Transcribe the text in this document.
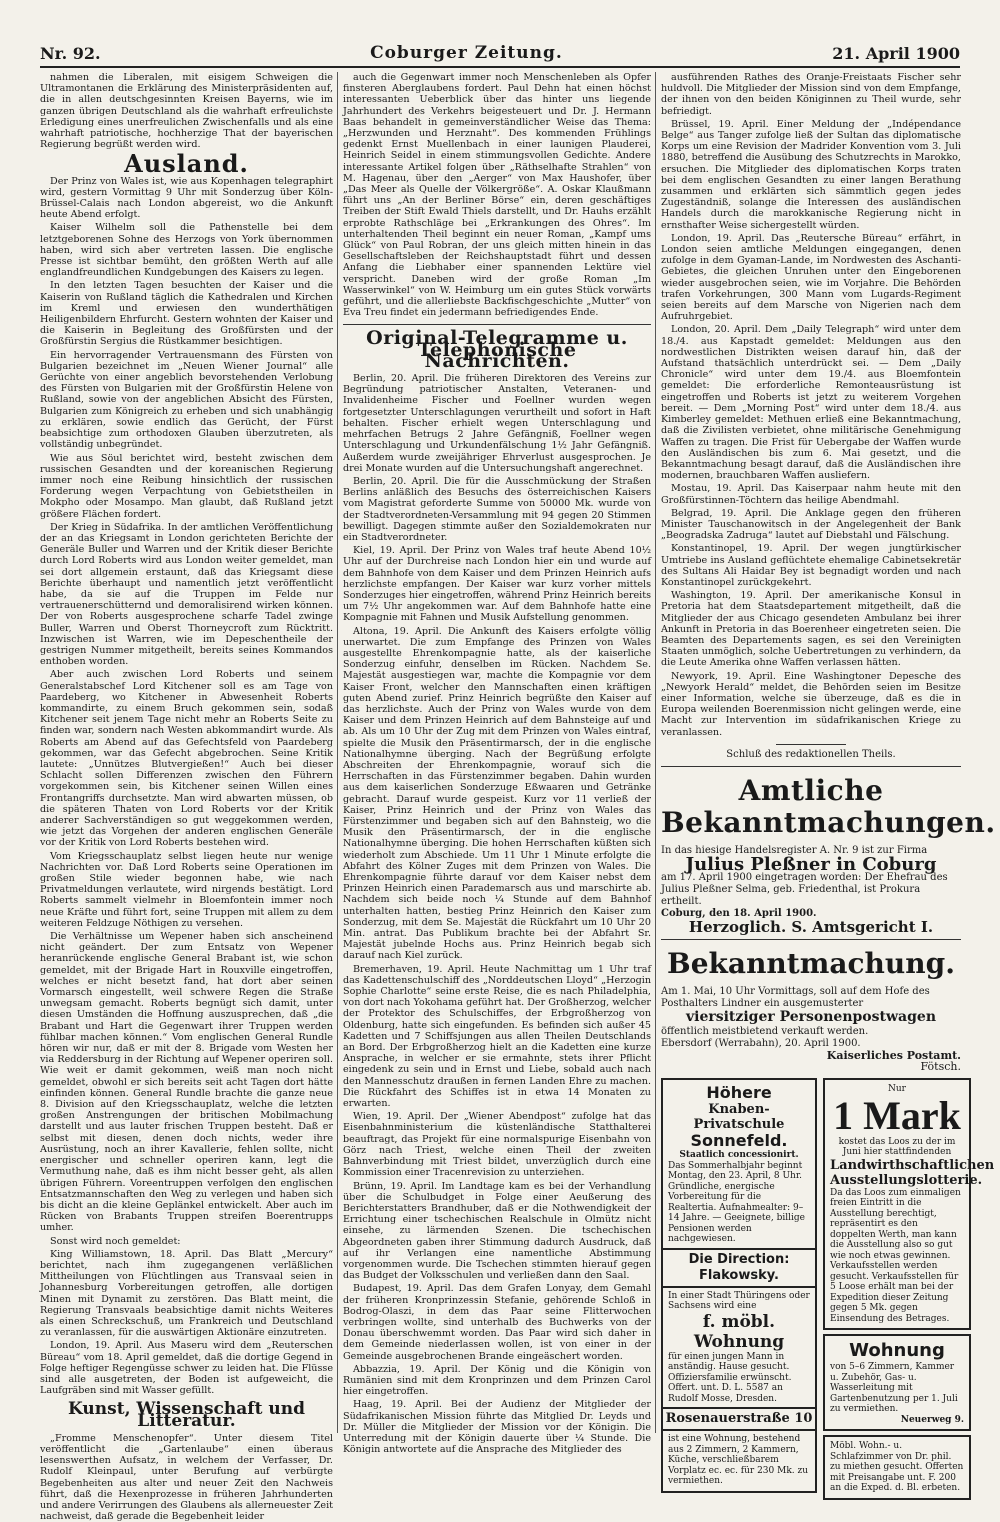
Nr. 92.	Coburger Zeitung.	21. April 1900

nahmen die Liberalen, mit eisigem Schweigen die Ultramontanen die Erklärung des Ministerpräsidenten auf, die in allen deutschgesinnten Kreisen Bayerns, wie im ganzen übrigen Deutschland als die wahrhaft erfreulichste Erledigung eines unerfreulichen Zwischenfalls und als eine wahrhaft patriotische, hochherzige That der bayerischen Regierung begrüßt werden wird.

Ausland.

Der Prinz von Wales ist, wie aus Kopenhagen telegraphirt wird, gestern Vormittag 9 Uhr mit Sonderzug über Köln-Brüssel-Calais nach London abgereist, wo die Ankunft heute Abend erfolgt.

Kaiser Wilhelm soll die Pathenstelle bei dem letztgeborenen Sohne des Herzogs von York übernommen haben, wird sich aber vertreten lassen. Die englische Presse ist sichtbar bemüht, den größten Werth auf alle englandfreundlichen Kundgebungen des Kaisers zu legen.

In den letzten Tagen besuchten der Kaiser und die Kaiserin von Rußland täglich die Kathedralen und Kirchen im Kreml und erwiesen den wunderthätigen Heiligenbildern Ehrfurcht. Gestern wohnten der Kaiser und die Kaiserin in Begleitung des Großfürsten und der Großfürstin Sergius die Rüstkammer besichtigen.

Ein hervorragender Vertrauensmann des Fürsten von Bulgarien bezeichnet im „Neuen Wiener Journal“ alle Gerüchte von einer angeblich bevorstehenden Verlobung des Fürsten von Bulgarien mit der Großfürstin Helene von Rußland, sowie von der angeblichen Absicht des Fürsten, Bulgarien zum Königreich zu erheben und sich unabhängig zu erklären, sowie endlich das Gerücht, der Fürst beabsichtige zum orthodoxen Glauben überzutreten, als vollständig unbegründet.

Wie aus Söul berichtet wird, besteht zwischen dem russischen Gesandten und der koreanischen Regierung immer noch eine Reibung hinsichtlich der russischen Forderung wegen Verpachtung von Gebietstheilen in Mokpho oder Mosampo. Man glaubt, daß Rußland jetzt größere Flächen fordert.

Der Krieg in Südafrika. In der amtlichen Veröffentlichung der an das Kriegsamt in London gerichteten Berichte der Generäle Buller und Warren und der Kritik dieser Berichte durch Lord Roberts wird aus London weiter gemeldet, man sei dort allgemein erstaunt, daß das Kriegsamt diese Berichte überhaupt und namentlich jetzt veröffentlicht habe, da sie auf die Truppen im Felde nur vertrauenerschütternd und demoralisirend wirken können. Der von Roberts ausgesprochene scharfe Tadel zwinge Buller, Warren und Oberst Thorneycroft zum Rücktritt. Inzwischen ist Warren, wie im Depeschentheile der gestrigen Nummer mitgetheilt, bereits seines Kommandos enthoben worden.

Aber auch zwischen Lord Roberts und seinem Generalstabschef Lord Kitchener soll es am Tage von Paardeberg, wo Kitchener in Abwesenheit Roberts kommandirte, zu einem Bruch gekommen sein, sodaß Kitchener seit jenem Tage nicht mehr an Roberts Seite zu finden war, sondern nach Westen abkommandirt wurde. Als Roberts am Abend auf das Gefechtsfeld von Paardeberg gekommen, war das Gefecht abgebrochen. Seine Kritik lautete: „Unnützes Blutvergießen!“ Auch bei dieser Schlacht sollen Differenzen zwischen den Führern vorgekommen sein, bis Kitchener seinen Willen eines Frontangriffs durchsetzte. Man wird abwarten müssen, ob die späteren Thaten von Lord Roberts vor der Kritik anderer Sachverständigen so gut weggekommen werden, wie jetzt das Vorgehen der anderen englischen Generäle vor der Kritik von Lord Roberts bestehen wird.

Vom Kriegsschauplatz selbst liegen heute nur wenige Nachrichten vor. Daß Lord Roberts seine Operationen im großen Stile wieder begonnen habe, wie nach Privatmeldungen verlautete, wird nirgends bestätigt. Lord Roberts sammelt vielmehr in Bloemfontein immer noch neue Kräfte und führt fort, seine Truppen mit allem zu dem weiteren Feldzuge Nöthigen zu versehen.

Die Verhältnisse um Wepener haben sich anscheinend nicht geändert. Der zum Entsatz von Wepener heranrückende englische General Brabant ist, wie schon gemeldet, mit der Brigade Hart in Rouxville eingetroffen, welches er nicht besetzt fand, hat dort aber seinen Vormarsch eingestellt, weil schwere Regen die Straße unwegsam gemacht. Roberts begnügt sich damit, unter diesen Umständen die Hoffnung auszusprechen, daß „die Brabant und Hart die Gegenwart ihrer Truppen werden fühlbar machen können.“ Vom englischen General Rundle hören wir nur, daß er mit der 8. Brigade vom Westen her via Reddersburg in der Richtung auf Wepener operiren soll. Wie weit er damit gekommen, weiß man noch nicht gemeldet, obwohl er sich bereits seit acht Tagen dort hätte einfinden können. General Rundle brachte die ganze neue 8. Division auf den Kriegsschauplatz, welche die letzten großen Anstrengungen der britischen Mobilmachung darstellt und aus lauter frischen Truppen besteht. Daß er selbst mit diesen, denen doch nichts, weder ihre Ausrüstung, noch an ihrer Kavallerie, fehlen sollte, nicht energischer und schneller operiren kann, legt die Vermuthung nahe, daß es ihm nicht besser geht, als allen übrigen Führern. Voreentruppen verfolgen den englischen Entsatzmannschaften den Weg zu verlegen und haben sich bis dicht an die kleine Geplänkel entwickelt. Aber auch im Rücken von Brabants Truppen streifen Boerentrupps umher.

Sonst wird noch gemeldet:

King Williamstown, 18. April. Das Blatt „Mercury“ berichtet, nach ihm zugegangenen verläßlichen Mittheilungen von Flüchtlingen aus Transvaal seien in Johannesburg Vorbereitungen getroffen, alle dortigen Minen mit Dynamit zu zerstören. Das Blatt meint, die Regierung Transvaals beabsichtige damit nichts Weiteres als einen Schreckschuß, um Frankreich und Deutschland zu veranlassen, für die auswärtigen Aktionäre einzutreten.

London, 19. April. Aus Maseru wird dem „Reuterschen Büreau“ vom 18. April gemeldet, daß die dortige Gegend in Folge heftiger Regengüsse schwer zu leiden hat. Die Flüsse sind alle ausgetreten, der Boden ist aufgeweicht, die Laufgräben sind mit Wasser gefüllt.

Kunst, Wissenschaft und Litteratur.

„Fromme Menschenopfer“. Unter diesem Titel veröffentlicht die „Gartenlaube“ einen überaus lesenswerthen Aufsatz, in welchem der Verfasser, Dr. Rudolf Kleinpaul, unter Berufung auf verbürgte Begebenheiten aus alter und neuer Zeit den Nachweis führt, daß die Hexenprozesse in früheren Jahrhunderten und andere Verirrungen des Glaubens als allerneuester Zeit nachweist, daß gerade die Begebenheit leider

auch die Gegenwart immer noch Menschenleben als Opfer finsteren Aberglaubens fordert. Paul Dehn hat einen höchst interessanten Ueberblick über das hinter uns liegende Jahrhundert des Verkehrs beigesteuert und Dr. J. Hermann Baas behandelt in gemeinverständlicher Weise das Thema: „Herzwunden und Herznaht“. Des kommenden Frühlings gedenkt Ernst Muellenbach in einer launigen Plauderei, Heinrich Seidel in einem stimmungsvollen Gedichte. Andere interessante Artikel folgen über „Räthselhafte Strahlen“ von M. Hagenau, über den „Aerger“ von Max Haushofer, über „Das Meer als Quelle der Völkergröße“. A. Oskar Klaußmann führt uns „An der Berliner Börse“ ein, deren geschäftiges Treiben der Stift Ewald Thiels darstellt, und Dr. Hauhs erzählt erprobte Rathschläge bei „Erkrankungen des Ohres“. Im unterhaltenden Theil beginnt ein neuer Roman, „Kampf ums Glück“ von Paul Robran, der uns gleich mitten hinein in das Gesellschaftsleben der Reichshauptstadt führt und dessen Anfang die Liebhaber einer spannenden Lektüre viel verspricht. Daneben wird der große Roman „Im Wasserwinkel“ von W. Heimburg um ein gutes Stück vorwärts geführt, und die allerliebste Backfischgeschichte „Mutter“ von Eva Treu findet ein jedermann befriedigendes Ende.

Original-Telegramme u. Telephonische Nachrichten.

Berlin, 20. April. Die früheren Direktoren des Vereins zur Begründung patriotischer Anstalten, Veteranen- und Invalidenheime Fischer und Foellner wurden wegen fortgesetzter Unterschlagungen verurtheilt und sofort in Haft behalten. Fischer erhielt wegen Unterschlagung und mehrfachen Betrugs 2 Jahre Gefängniß, Foellner wegen Unterschlagung und Urkundenfälschung 1½ Jahr Gefängniß. Außerdem wurde zweijähriger Ehrverlust ausgesprochen. Je drei Monate wurden auf die Untersuchungshaft angerechnet.

Berlin, 20. April. Die für die Ausschmückung der Straßen Berlins anläßlich des Besuchs des österreichischen Kaisers vom Magistrat geforderte Summe von 50000 Mk. wurde von der Stadtverordneten-Versammlung mit 94 gegen 20 Stimmen bewilligt. Dagegen stimmte außer den Sozialdemokraten nur ein Stadtverordneter.

Kiel, 19. April. Der Prinz von Wales traf heute Abend 10½ Uhr auf der Durchreise nach London hier ein und wurde auf dem Bahnhofe von dem Kaiser und dem Prinzen Heinrich aufs herzlichste empfangen. Der Kaiser war kurz vorher mittels Sonderzuges hier eingetroffen, während Prinz Heinrich bereits um 7½ Uhr angekommen war. Auf dem Bahnhofe hatte eine Kompagnie mit Fahnen und Musik Aufstellung genommen.

Altona, 19. April. Die Ankunft des Kaisers erfolgte völlig unerwartet. Die zum Empfange des Prinzen von Wales ausgestellte Ehrenkompagnie hatte, als der kaiserliche Sonderzug einfuhr, denselben im Rücken. Nachdem Se. Majestät ausgestiegen war, machte die Kompagnie vor dem Kaiser Front, welcher den Mannschaften einen kräftigen guten Abend zurief. Prinz Heinrich begrüßte den Kaiser auf das herzlichste. Auch der Prinz von Wales wurde von dem Kaiser und dem Prinzen Heinrich auf dem Bahnsteige auf und ab. Als um 10 Uhr der Zug mit dem Prinzen von Wales eintraf, spielte die Musik den Präsentirmarsch, der in die englische Nationalhymne überging. Nach der Begrüßung erfolgte Abschreiten der Ehrenkompagnie, worauf sich die Herrschaften in das Fürstenzimmer begaben. Dahin wurden aus dem kaiserlichen Sonderzuge Eßwaaren und Getränke gebracht. Darauf wurde gespeist. Kurz vor 11 verließ der Kaiser, Prinz Heinrich und der Prinz von Wales das Fürstenzimmer und begaben sich auf den Bahnsteig, wo die Musik den Präsentirmarsch, der in die englische Nationalhymne überging. Die hohen Herrschaften küßten sich wiederholt zum Abschiede. Um 11 Uhr 1 Minute erfolgte die Abfahrt des Kölner Zuges mit dem Prinzen von Wales. Die Ehrenkompagnie führte darauf vor dem Kaiser nebst dem Prinzen Heinrich einen Parademarsch aus und marschirte ab. Nachdem sich beide noch ¼ Stunde auf dem Bahnhof unterhalten hatten, bestieg Prinz Heinrich den Kaiser zum Sonderzug, mit dem Se. Majestät die Rückfahrt um 10 Uhr 20 Min. antrat. Das Publikum brachte bei der Abfahrt Sr. Majestät jubelnde Hochs aus. Prinz Heinrich begab sich darauf nach Kiel zurück.

Bremerhaven, 19. April. Heute Nachmittag um 1 Uhr traf das Kadettenschulschiff des „Norddeutschen Lloyd“ „Herzogin Sophie Charlotte“ seine erste Reise, die es nach Philadelphia, von dort nach Yokohama geführt hat. Der Großherzog, welcher der Protektor des Schulschiffes, der Erbgroßherzog von Oldenburg, hatte sich eingefunden. Es befinden sich außer 45 Kadetten und 7 Schiffsjungen aus allen Theilen Deutschlands an Bord. Der Erbgroßherzog hielt an die Kadetten eine kurze Ansprache, in welcher er sie ermahnte, stets ihrer Pflicht eingedenk zu sein und in Ernst und Liebe, sobald auch nach den Mannesschutz draußen in fernen Landen Ehre zu machen. Die Rückfahrt des Schiffes ist in etwa 14 Monaten zu erwarten.

Wien, 19. April. Der „Wiener Abendpost“ zufolge hat das Eisenbahnministerium die küstenländische Statthalterei beauftragt, das Projekt für eine normalspurige Eisenbahn von Görz nach Triest, welche einen Theil der zweiten Bahnverbindung mit Triest bildet, unverzüglich durch eine Kommission einer Tracenrevision zu unterziehen.

Brünn, 19. April. Im Landtage kam es bei der Verhandlung über die Schulbudget in Folge einer Aeußerung des Berichterstatters Brandhuber, daß er die Nothwendigkeit der Errichtung einer tschechischen Realschule in Olmütz nicht einsehe, zu lärmenden Szenen. Die tschechischen Abgeordneten gaben ihrer Stimmung dadurch Ausdruck, daß auf ihr Verlangen eine namentliche Abstimmung vorgenommen wurde. Die Tschechen stimmten hierauf gegen das Budget der Volksschulen und verließen dann den Saal.

Budapest, 19. April. Das dem Grafen Lonyay, dem Gemahl der früheren Kronprinzessin Stefanie, gehörende Schloß in Bodrog-Olaszi, in dem das Paar seine Flitterwochen verbringen wollte, sind unterhalb des Buchwerks von der Donau überschwemmt worden. Das Paar wird sich daher in dem Gemeinde niederlassen wollen, ist von einer in der Gemeinde ausgebrochenen Brande eingeäschert worden.

Abbazzia, 19. April. Der König und die Königin von Rumänien sind mit dem Kronprinzen und dem Prinzen Carol hier eingetroffen.

Haag, 19. April. Bei der Audienz der Mitglieder der Südafrikanischen Mission führte das Mitglied Dr. Leyds und Dr. Müller die Mitglieder der Mission vor der Königin. Die Unterredung mit der Königin dauerte über ¼ Stunde. Die Königin antwortete auf die Ansprache des Mitglieder des

ausführenden Rathes des Oranje-Freistaats Fischer sehr huldvoll. Die Mitglieder der Mission sind von dem Empfange, der ihnen von den beiden Königinnen zu Theil wurde, sehr befriedigt.

Brüssel, 19. April. Einer Meldung der „Indépendance Belge“ aus Tanger zufolge ließ der Sultan das diplomatische Korps um eine Revision der Madrider Konvention vom 3. Juli 1880, betreffend die Ausübung des Schutzrechts in Marokko, ersuchen. Die Mitglieder des diplomatischen Korps traten bei dem englischen Gesandten zu einer langen Berathung zusammen und erklärten sich sämmtlich gegen jedes Zugeständniß, solange die Interessen des ausländischen Handels durch die marokkanische Regierung nicht in ernsthafter Weise sichergestellt würden.

London, 19. April. Das „Reutersche Büreau“ erfährt, in London seien amtliche Meldungen eingegangen, denen zufolge in dem Gyaman-Lande, im Nordwesten des Aschanti-Gebietes, die gleichen Unruhen unter den Eingeborenen wieder ausgebrochen seien, wie im Vorjahre. Die Behörden trafen Vorkehrungen, 300 Mann vom Lugards-Regiment seien bereits auf dem Marsche von Nigerien nach dem Aufruhrgebiet.

London, 20. April. Dem „Daily Telegraph“ wird unter dem 18./4. aus Kapstadt gemeldet: Meldungen aus den nordwestlichen Distrikten weisen darauf hin, daß der Aufstand thatsächlich unterdrückt sei. — Dem „Daily Chronicle“ wird unter dem 19./4. aus Bloemfontein gemeldet: Die erforderliche Remonteausrüstung ist eingetroffen und Roberts ist jetzt zu weiterem Vorgehen bereit. — Dem „Morning Post“ wird unter dem 18./4. aus Kimberley gemeldet: Methuen erließ eine Bekanntmachung, daß die Zivilisten verbietet, ohne militärische Genehmigung Waffen zu tragen. Die Frist für Uebergabe der Waffen wurde den Ausländischen bis zum 6. Mai gesetzt, und die Bekanntmachung besagt darauf, daß die Ausländischen ihre modernen, brauchbaren Waffen ausliefern.

Mostau, 19. April. Das Kaiserpaar nahm heute mit den Großfürstinnen-Töchtern das heilige Abendmahl.

Belgrad, 19. April. Die Anklage gegen den früheren Minister Tauschanowitsch in der Angelegenheit der Bank „Beogradska Zadruga“ lautet auf Diebstahl und Fälschung.

Konstantinopel, 19. April. Der wegen jungtürkischer Umtriebe ins Ausland geflüchtete ehemalige Cabinetsekretär des Sultans Ali Haidar Bey ist begnadigt worden und nach Konstantinopel zurückgekehrt.

Washington, 19. April. Der amerikanische Konsul in Pretoria hat dem Staatsdepartement mitgetheilt, daß die Mitglieder der aus Chicago gesendeten Ambulanz bei ihrer Ankunft in Pretoria in das Boerenheer eingetreten seien. Die Beamten des Departements sagen, es sei den Vereinigten Staaten unmöglich, solche Uebertretungen zu verhindern, da die Leute Amerika ohne Waffen verlassen hätten.

Newyork, 19. April. Eine Washingtoner Depesche des „Newyork Herald“ meldet, die Behörden seien im Besitze einer Information, welche sie überzeuge, daß es die in Europa weilenden Boerenmission nicht gelingen werde, eine Macht zur Intervention im südafrikanischen Kriege zu veranlassen.

Schluß des redaktionellen Theils.
Amtliche Bekanntmachungen.
In das hiesige Handelsregister A. Nr. 9 ist zur Firma
Julius Pleßner in Coburg
am 17. April 1900 eingetragen worden: Der Ehefrau des Julius Pleßner Selma, geb. Friedenthal, ist Prokura ertheilt.
Coburg, den 18. April 1900.
Herzoglich. S. Amtsgericht I.
Bekanntmachung.
Am 1. Mai, 10 Uhr Vormittags, soll auf dem Hofe des Posthalters Lindner ein ausgemusterter
viersitziger Personenpostwagen
öffentlich meistbietend verkauft werden.
Ebersdorf (Werrabahn), 20. April 1900.
Kaiserliches Postamt.
Fötsch.
Höhere
Knaben-Privatschule
Sonnefeld.
Staatlich concessionirt.
Das Sommerhalbjahr beginnt Montag, den 23. April, 8 Uhr. Gründliche, energische Vorbereitung für die Realtertia. Aufnahmealter: 9–14 Jahre. — Geeignete, billige Pensionen werden nachgewiesen.
Die Direction: Flakowsky.
In einer Stadt Thüringens oder Sachsens wird eine
f. möbl. Wohnung
für einen jungen Mann in anständig. Hause gesucht. Offiziersfamilie erwünscht. Offert. unt. D. L. 5587 an Rudolf Mosse, Dresden.
Rosenauerstraße 10
ist eine Wohnung, bestehend aus 2 Zimmern, 2 Kammern, Küche, verschließbarem Vorplatz ec. ec. für 230 Mk. zu vermiethen.
Nur
1 Mark
kostet das Loos zu der im Juni hier stattfindenden
Landwirthschaftlichen Ausstellungslotterie.
Da das Loos zum einmaligen freien Eintritt in die Ausstellung berechtigt, repräsentirt es den doppelten Werth, man kann die Ausstellung also so gut wie noch etwas gewinnen. Verkaufsstellen werden gesucht. Verkaufsstellen für 5 Loose erhält man bei der Expedition dieser Zeitung gegen 5 Mk. gegen Einsendung des Betrages.
Wohnung
von 5–6 Zimmern, Kammer u. Zubehör, Gas- u. Wasserleitung mit Gartenbenutzung per 1. Juli zu vermiethen.
Neuerweg 9.
Möbl. Wohn.- u. Schlafzimmer von Dr. phil. zu miethen gesucht. Offerten mit Preisangabe unt. F. 200 an die Exped. d. Bl. erbeten.
